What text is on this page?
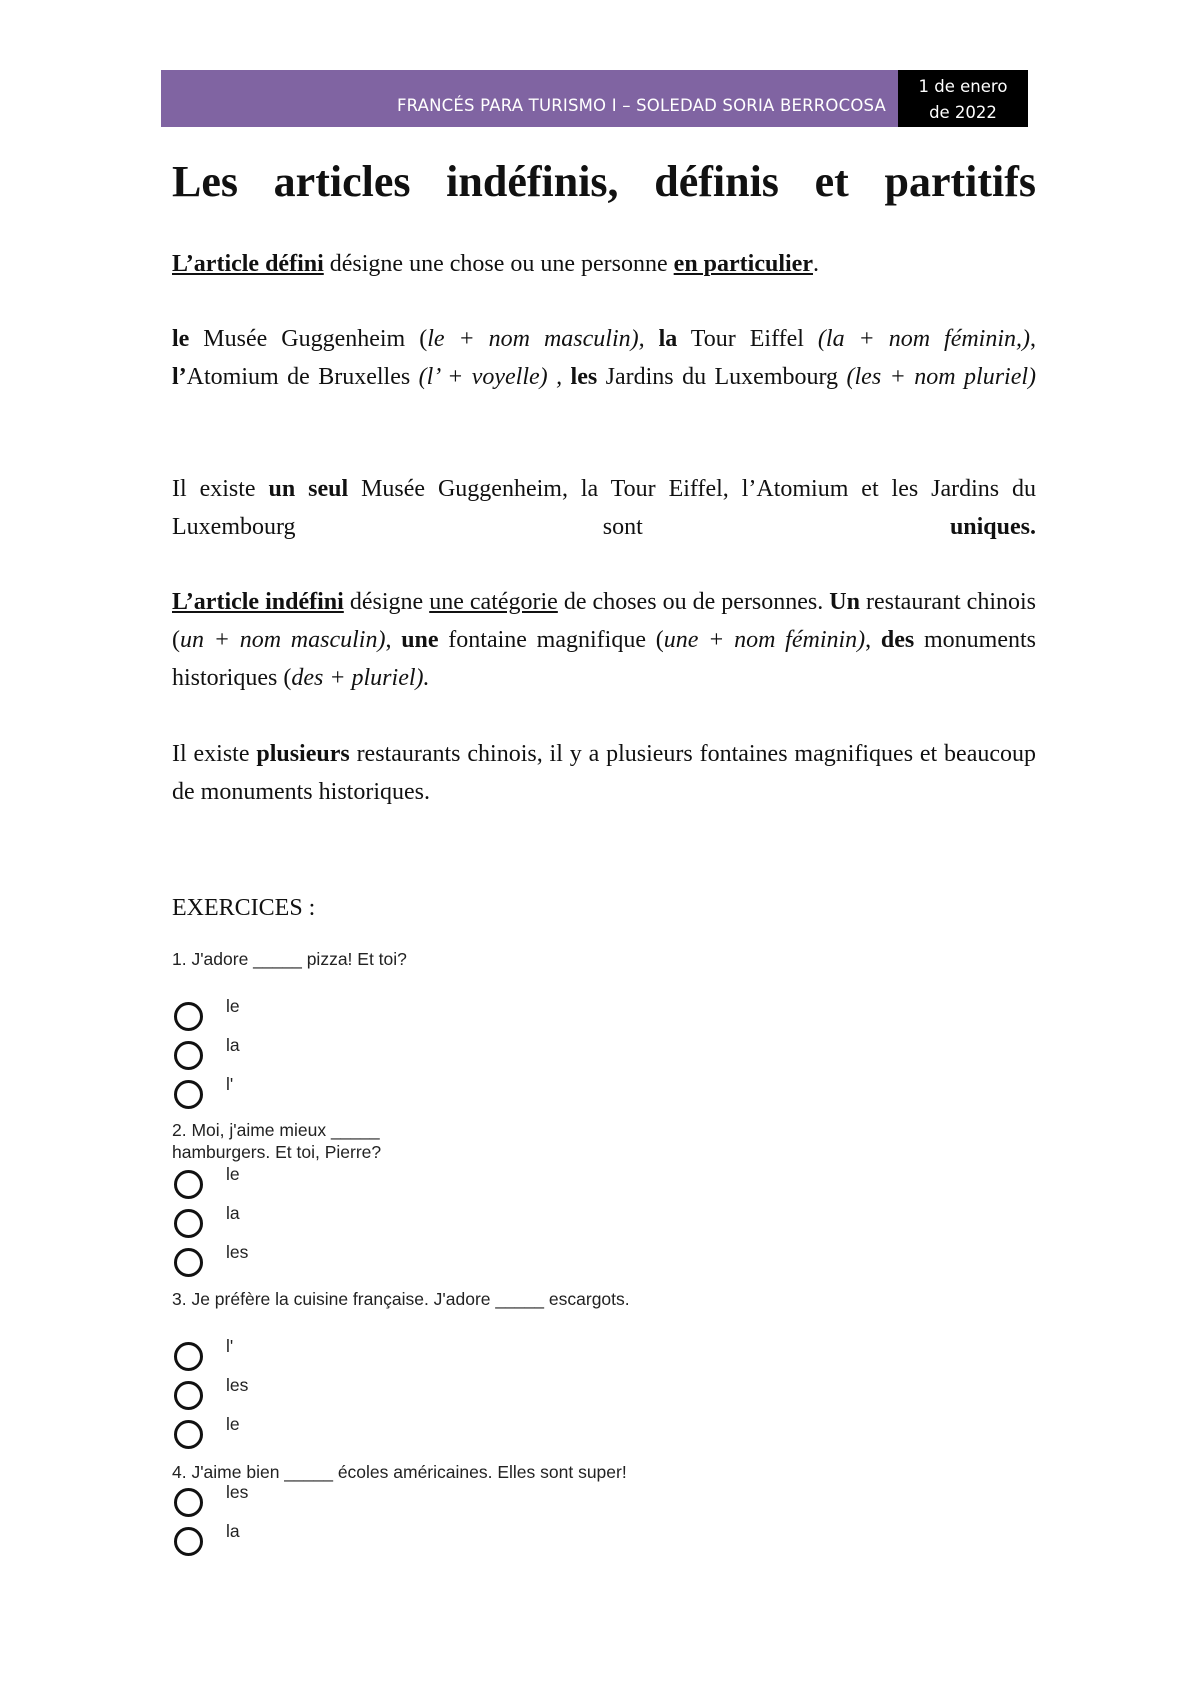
FRANCÉS PARA TURISMO I – SOLEDAD SORIA BERROCOSA
1 de enero
de 2022
Les articles indéfinis, définis et partitifs

L’article défini désigne une chose ou une personne en particulier.

le Musée Guggenheim (le + nom masculin), la Tour Eiffel (la + nom féminin,), l’Atomium de Bruxelles (l’ + voyelle) , les Jardins du Luxembourg (les + nom pluriel)

Il existe un seul Musée Guggenheim, la Tour Eiffel, l’Atomium et les Jardins du Luxembourg sont uniques.

L’article indéfini désigne une catégorie de choses ou de personnes. Un restaurant chinois (un + nom masculin), une fontaine magnifique (une + nom féminin), des monuments historiques (des + pluriel).

Il existe plusieurs restaurants chinois, il y a plusieurs fontaines magnifiques et beaucoup de monuments historiques.

EXERCICES :

1. J'adore _____ pizza! Et toi?

le
la
l'
2. Moi, j'aime mieux _____
hamburgers. Et toi, Pierre?
le
la
les

3. Je préfère la cuisine française. J'adore _____ escargots.

l'
les
le

4. J'aime bien _____ écoles américaines. Elles sont super!

les
la
